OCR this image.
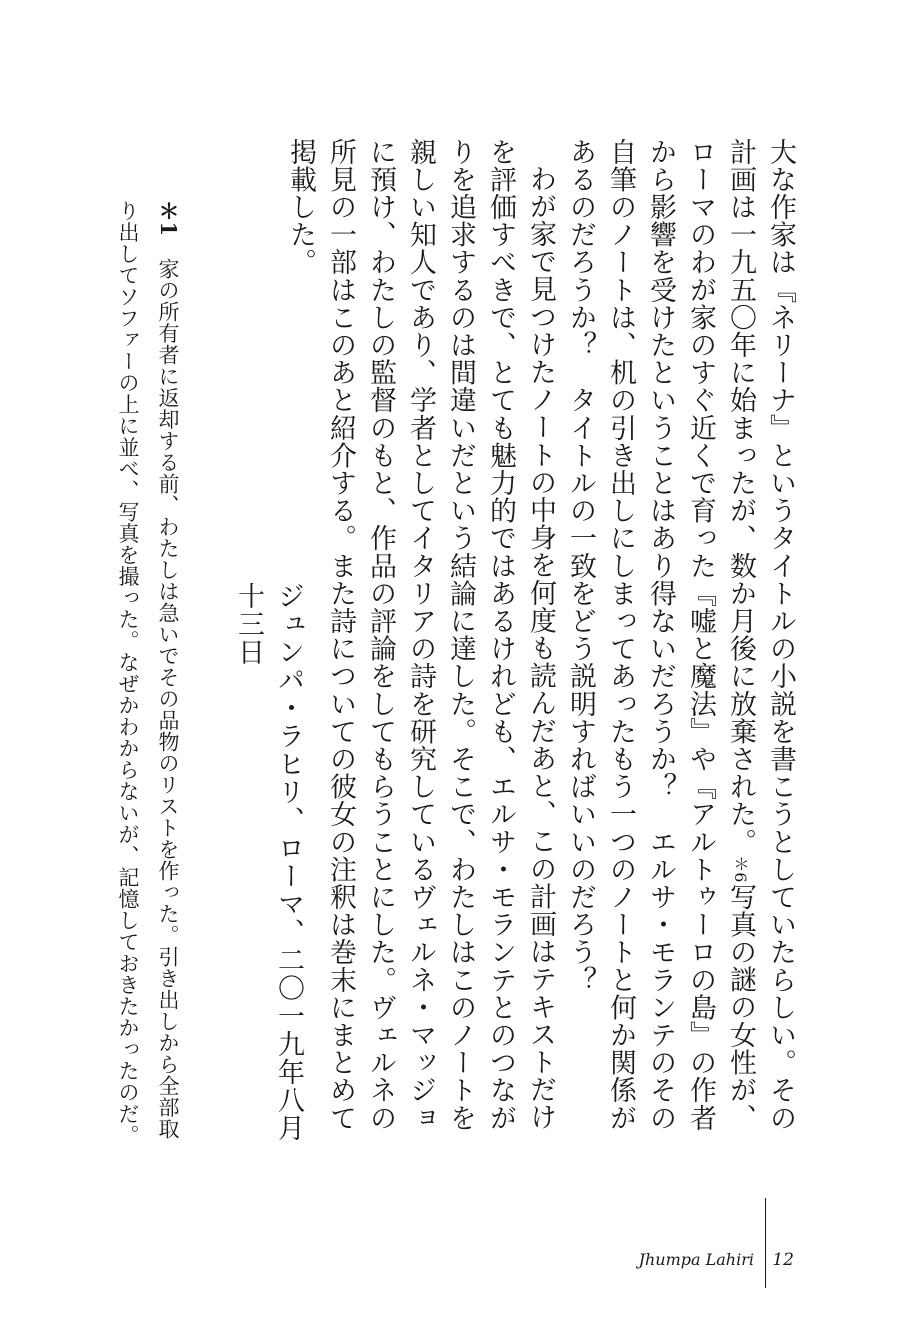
大な作家は『ネリーナ』というタイトルの小説を書こうとしていたらしい。その計画は一九五〇年に始まったが、数か月後に放棄された。＊6写真の謎の女性が、ローマのわが家のすぐ近くで育った『嘘と魔法』や『アルトゥーロの島』の作者から影響を受けたということはあり得ないだろうか？　エルサ・モランテのその自筆のノートは、机の引き出しにしまってあったもう一つのノートと何か関係があるのだろうか？　タイトルの一致をどう説明すればいいのだろう？

わが家で見つけたノートの中身を何度も読んだあと、この計画はテキストだけを評価すべきで、とても魅力的ではあるけれども、エルサ・モランテとのつながりを追求するのは間違いだという結論に達した。そこで、わたしはこのノートを親しい知人であり、学者としてイタリアの詩を研究しているヴェルネ・マッジョに預け、わたしの監督のもと、作品の評論をしてもらうことにした。ヴェルネの所見の一部はこのあと紹介する。また詩についての彼女の注釈は巻末にまとめて掲載した。

ジュンパ・ラヒリ、ローマ、二〇一九年八月十三日
＊1　家の所有者に返却する前、わたしは急いでその品物のリストを作った。引き出しから全部取り出してソファーの上に並べ、写真を撮った。なぜかわからないが、記憶しておきたかったのだ。
Jhumpa Lahiri 12
